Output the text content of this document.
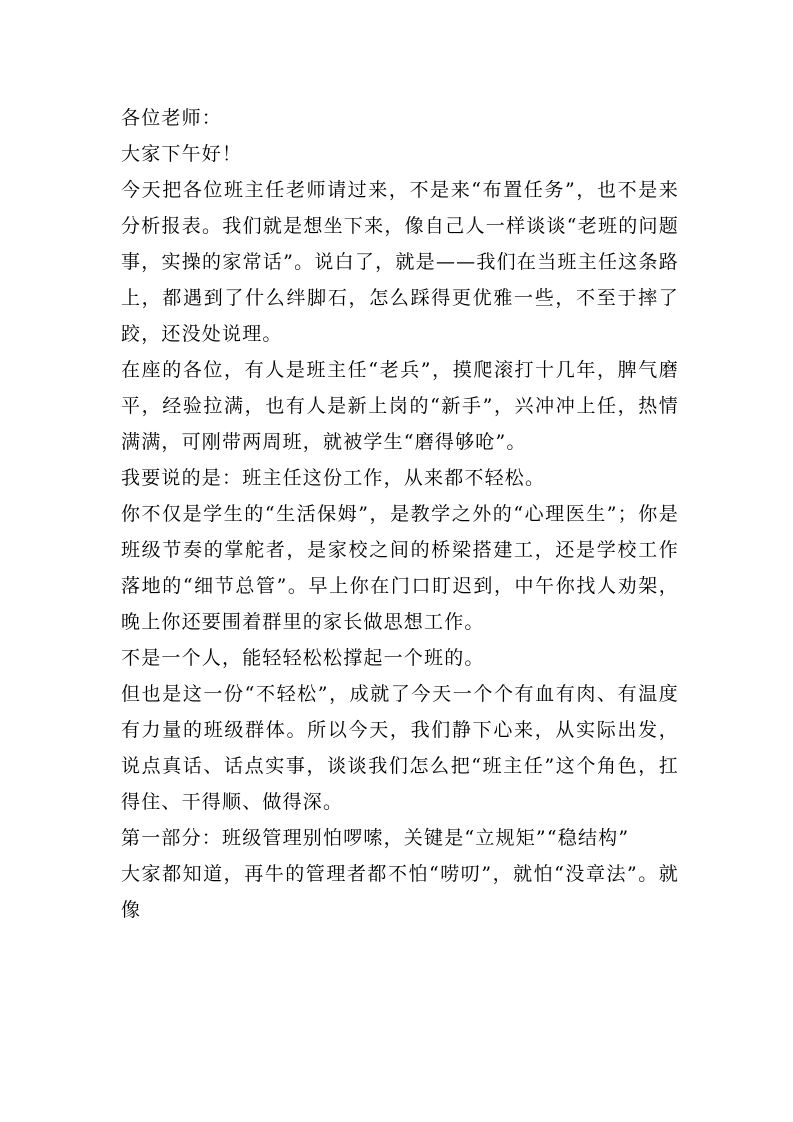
各位老师：

大家下午好！

今天把各位班主任老师请过来，不是来“布置任务”，也不是来分析报表。我们就是想坐下来，像自己人一样谈谈“老班的问题事，实操的家常话”。说白了，就是——我们在当班主任这条路上，都遇到了什么绊脚石，怎么踩得更优雅一些，不至于摔了跤，还没处说理。

在座的各位，有人是班主任“老兵”，摸爬滚打十几年，脾气磨平，经验拉满，也有人是新上岗的“新手”，兴冲冲上任，热情满满，可刚带两周班，就被学生“磨得够呛”。

我要说的是：班主任这份工作，从来都不轻松。

你不仅是学生的“生活保姆”，是教学之外的“心理医生”；你是班级节奏的掌舵者，是家校之间的桥梁搭建工，还是学校工作落地的“细节总管”。早上你在门口盯迟到，中午你找人劝架，晚上你还要围着群里的家长做思想工作。

不是一个人，能轻轻松松撑起一个班的。

但也是这一份“不轻松”，成就了今天一个个有血有肉、有温度有力量的班级群体。所以今天，我们静下心来，从实际出发，说点真话、话点实事，谈谈我们怎么把“班主任”这个角色，扛得住、干得顺、做得深。

第一部分：班级管理别怕啰嗦，关键是“立规矩”“稳结构”

大家都知道，再牛的管理者都不怕“唠叨”，就怕“没章法”。就像
